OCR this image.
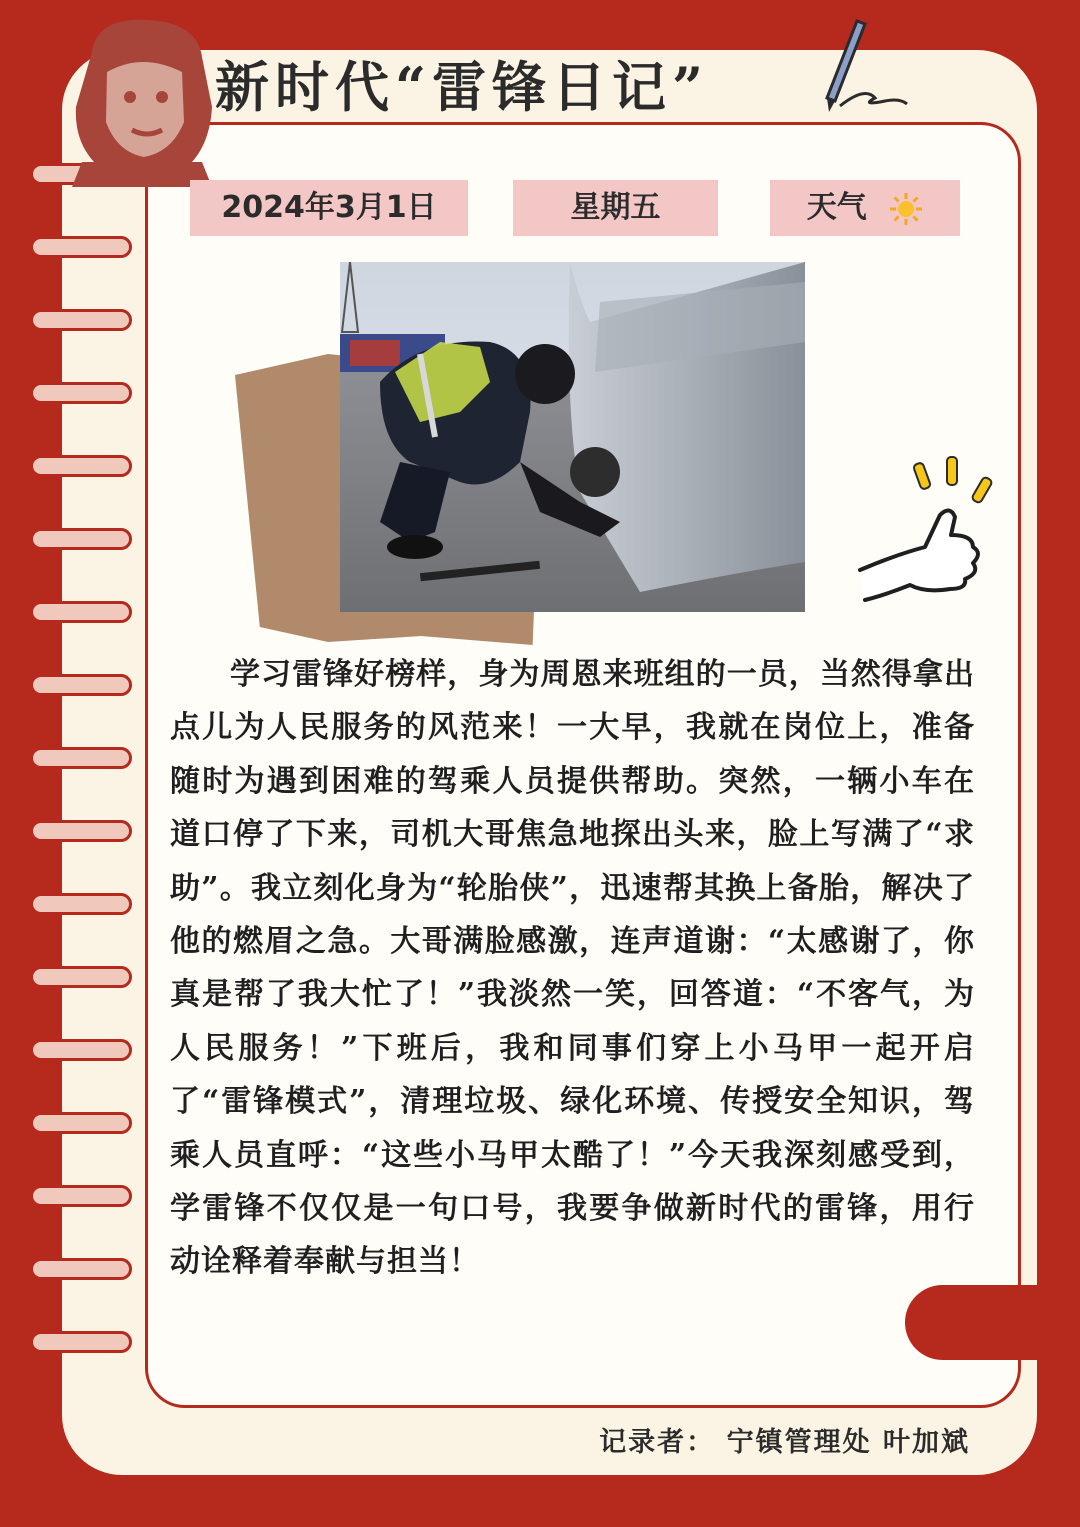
新时代“雷锋日记”
2024年3月1日	星期五	天气

学习雷锋好榜样，身为周恩来班组的一员，当然得拿出点儿为人民服务的风范来！一大早，我就在岗位上，准备随时为遇到困难的驾乘人员提供帮助。突然，一辆小车在道口停了下来，司机大哥焦急地探出头来，脸上写满了“求助”。我立刻化身为“轮胎侠”，迅速帮其换上备胎，解决了他的燃眉之急。大哥满脸感激，连声道谢：“太感谢了，你真是帮了我大忙了！”我淡然一笑，回答道：“不客气，为人民服务！”下班后，我和同事们穿上小马甲一起开启了“雷锋模式”，清理垃圾、绿化环境、传授安全知识，驾乘人员直呼：“这些小马甲太酷了！”今天我深刻感受到，学雷锋不仅仅是一句口号，我要争做新时代的雷锋，用行动诠释着奉献与担当！

记录者： 宁镇管理处 叶加斌
